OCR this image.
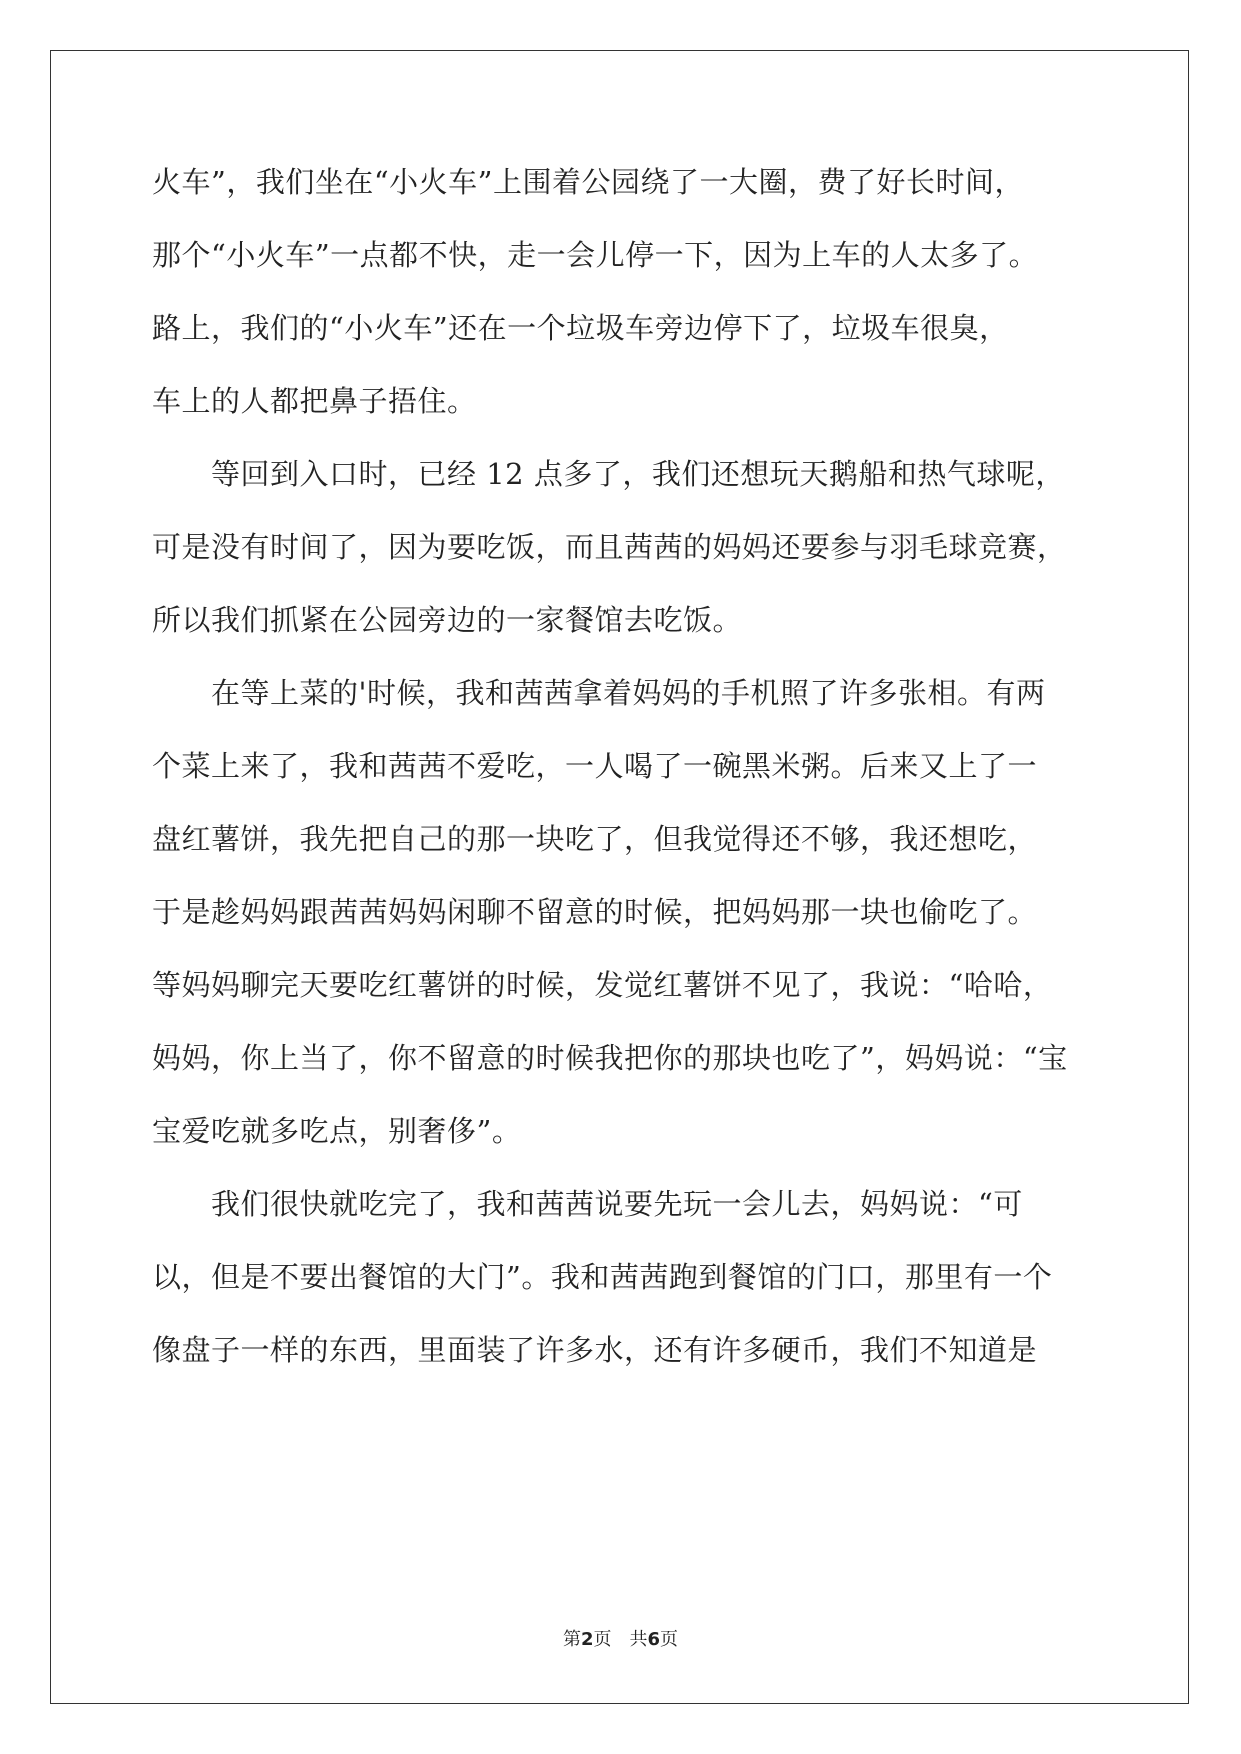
火车”，我们坐在“小火车”上围着公园绕了一大圈，费了好长时间，
那个“小火车”一点都不快，走一会儿停一下，因为上车的人太多了。
路上，我们的“小火车”还在一个垃圾车旁边停下了，垃圾车很臭，
车上的人都把鼻子捂住。
　　等回到入口时，已经 12 点多了，我们还想玩天鹅船和热气球呢，
可是没有时间了，因为要吃饭，而且茜茜的妈妈还要参与羽毛球竞赛，
所以我们抓紧在公园旁边的一家餐馆去吃饭。
　　在等上菜的'时候，我和茜茜拿着妈妈的手机照了许多张相。有两
个菜上来了，我和茜茜不爱吃，一人喝了一碗黑米粥。后来又上了一
盘红薯饼，我先把自己的那一块吃了，但我觉得还不够，我还想吃，
于是趁妈妈跟茜茜妈妈闲聊不留意的时候，把妈妈那一块也偷吃了。
等妈妈聊完天要吃红薯饼的时候，发觉红薯饼不见了，我说：“哈哈，
妈妈，你上当了，你不留意的时候我把你的那块也吃了”，妈妈说：“宝
宝爱吃就多吃点，别奢侈”。
　　我们很快就吃完了，我和茜茜说要先玩一会儿去，妈妈说：“可
以，但是不要出餐馆的大门”。我和茜茜跑到餐馆的门口，那里有一个
像盘子一样的东西，里面装了许多水，还有许多硬币，我们不知道是
第2页 共6页
